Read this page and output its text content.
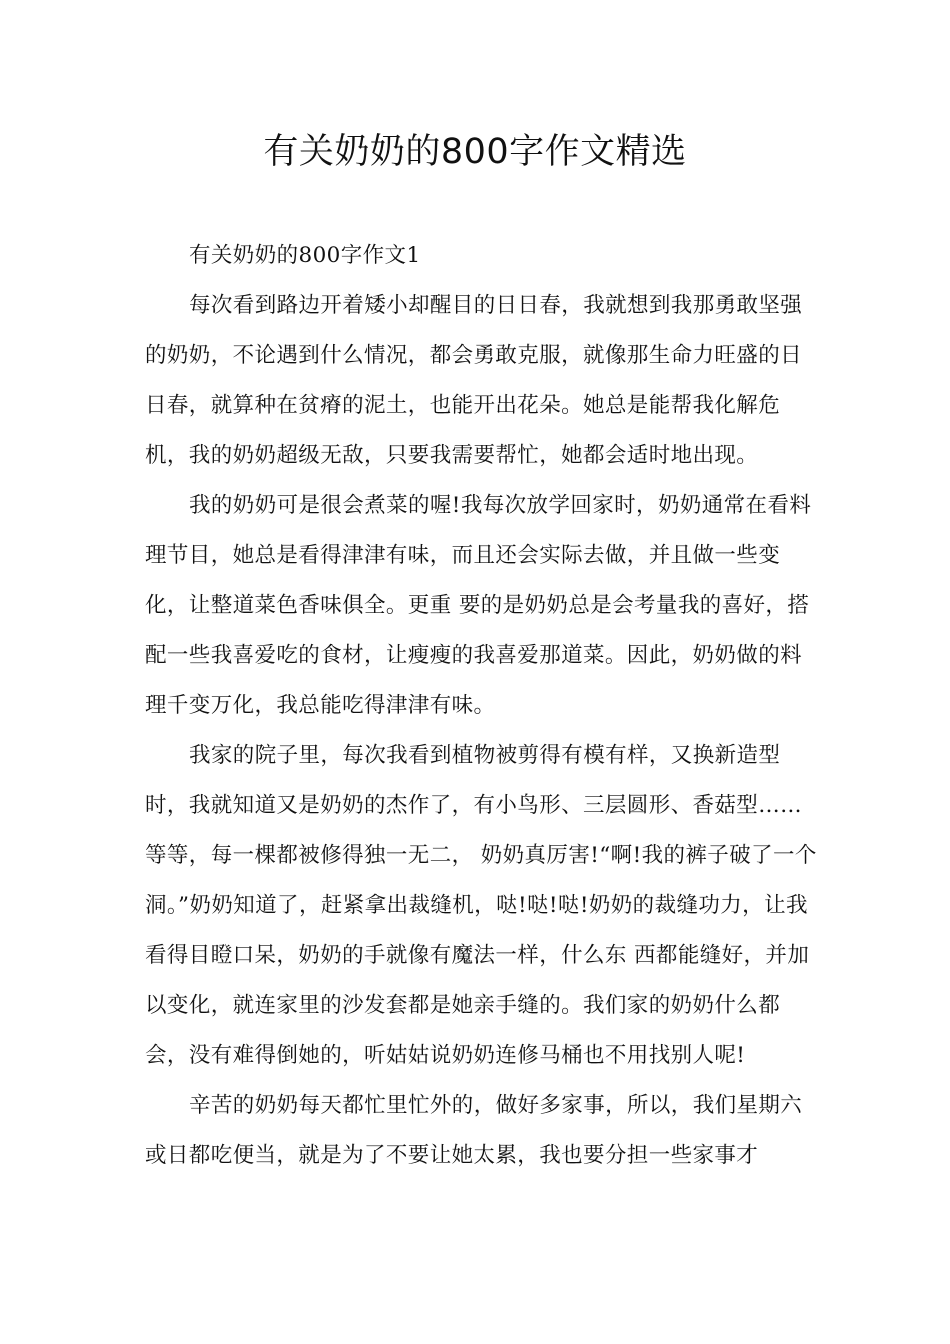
有关奶奶的800字作文精选

有关奶奶的800字作文1

每次看到路边开着矮小却醒目的日日春，我就想到我那勇敢坚强的奶奶，不论遇到什么情况，都会勇敢克服，就像那生命力旺盛的日日春，就算种在贫瘠的泥土，也能开出花朵。她总是能帮我化解危机，我的奶奶超级无敌，只要我需要帮忙，她都会适时地出现。

我的奶奶可是很会煮菜的喔!我每次放学回家时，奶奶通常在看料理节目，她总是看得津津有味，而且还会实际去做，并且做一些变化，让整道菜色香味俱全。更重 要的是奶奶总是会考量我的喜好，搭配一些我喜爱吃的食材，让瘦瘦的我喜爱那道菜。因此，奶奶做的料理千变万化，我总能吃得津津有味。

我家的院子里，每次我看到植物被剪得有模有样，又换新造型时，我就知道又是奶奶的杰作了，有小鸟形、三层圆形、香菇型……等等，每一棵都被修得独一无二， 奶奶真厉害!“啊!我的裤子破了一个洞。”奶奶知道了，赶紧拿出裁缝机，哒!哒!哒!奶奶的裁缝功力，让我看得目瞪口呆，奶奶的手就像有魔法一样，什么东 西都能缝好，并加以变化，就连家里的沙发套都是她亲手缝的。我们家的奶奶什么都会，没有难得倒她的，听姑姑说奶奶连修马桶也不用找别人呢!

辛苦的奶奶每天都忙里忙外的，做好多家事，所以，我们星期六或日都吃便当，就是为了不要让她太累，我也要分担一些家事才
